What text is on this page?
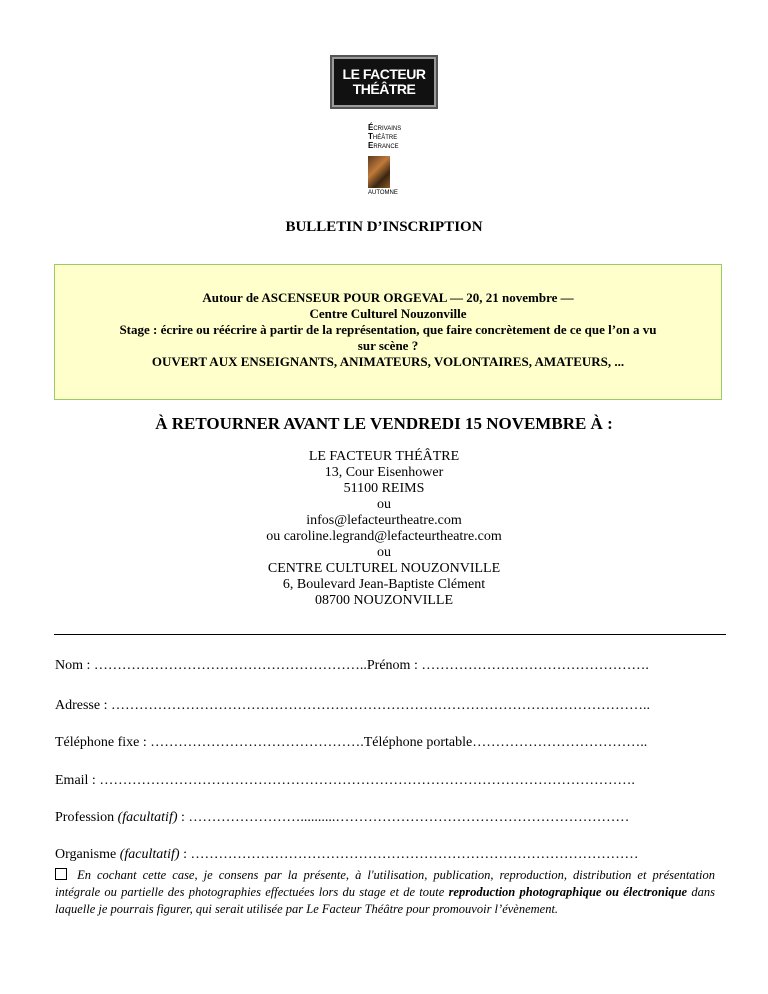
LE FACTEUR
THÉÂTRE
ÉCRIVAINS
THÉÂTRE
ERRANCE
AUTOMNE
BULLETIN D’INSCRIPTION
Autour de ASCENSEUR POUR ORGEVAL — 20, 21 novembre —
Centre Culturel Nouzonville
Stage : écrire ou réécrire à partir de la représentation, que faire concrètement de ce que l’on a vu
sur scène ?
OUVERT AUX ENSEIGNANTS, ANIMATEURS, VOLONTAIRES, AMATEURS, ...
À RETOURNER AVANT LE VENDREDI 15 NOVEMBRE À :
LE FACTEUR THÉÂTRE
13, Cour Eisenhower
51100 REIMS
ou
infos@lefacteurtheatre.com
ou caroline.legrand@lefacteurtheatre.com
ou
CENTRE CULTUREL NOUZONVILLE
6, Boulevard Jean-Baptiste Clément
08700 NOUZONVILLE
Nom : …………………………………………………..Prénom : ………………………………………….
Adresse : ……………………………………………………………………………………………………..
Téléphone fixe : ……………………………………….Téléphone portable………………………………..
Email : …………………………………………………………………………………………………….
Profession (facultatif) : ……………………..........………………………………………………………
Organisme (facultatif) : ……………………………………………………………………………………
En cochant cette case, je consens par la présente, à l'utilisation, publication, reproduction, distribution et présentation intégrale ou partielle des photographies effectuées lors du stage et de toute reproduction photographique ou électronique dans laquelle je pourrais figurer, qui serait utilisée par Le Facteur Théâtre pour promouvoir l’évènement.
